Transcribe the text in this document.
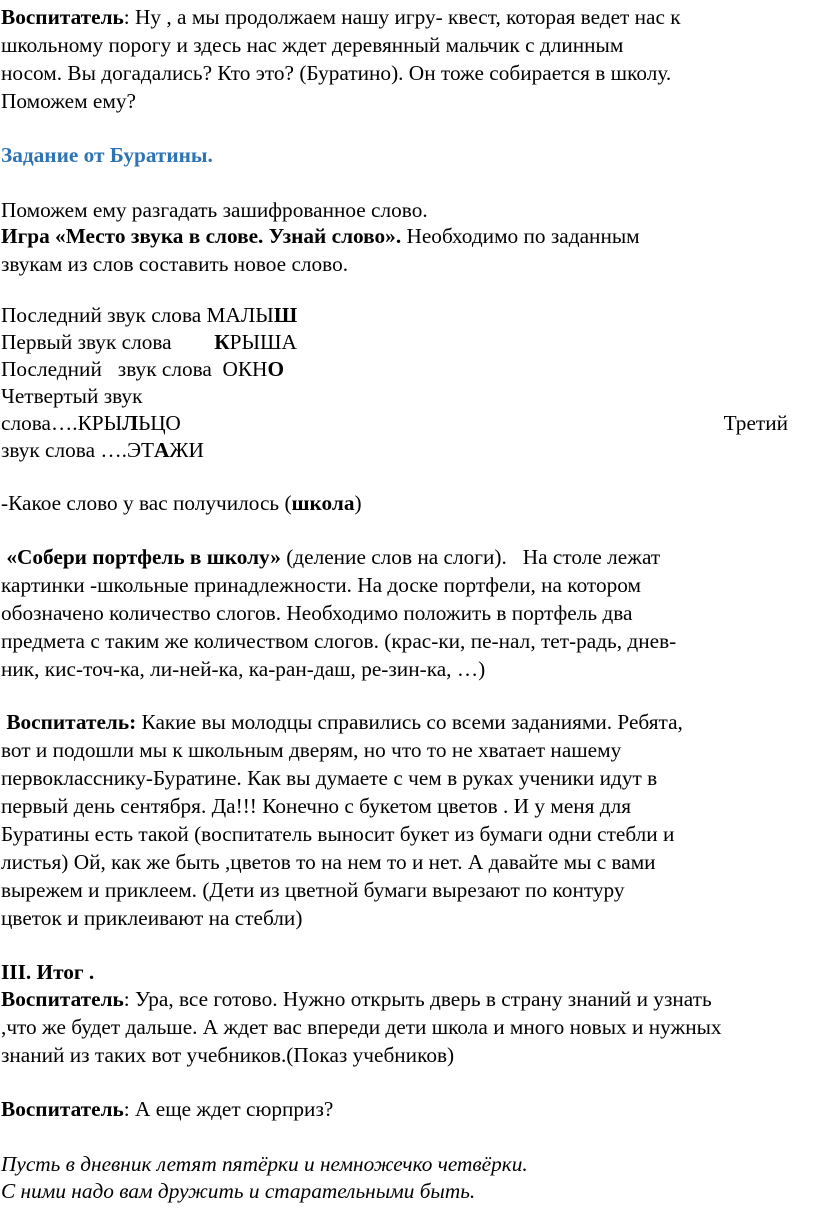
Воспитатель: Ну , а мы продолжаем нашу игру- квест, которая ведет нас к
школьному порогу и здесь нас ждет деревянный мальчик с длинным
носом. Вы догадались? Кто это? (Буратино). Он тоже собирается в школу.
Поможем ему?
Задание от Буратины.
Поможем ему разгадать зашифрованное слово.
Игра «Место звука в слове. Узнай слово». Необходимо по заданным
звукам из слов составить новое слово.
Последний звук слова МАЛЫШ
Первый звук слова        КРЫША
Последний   звук слова  ОКНО
Четвертый звук
слова….КРЫЛЬЦО	Третий
звук слова ….ЭТАЖИ
-Какое слово у вас получилось (школа)
«Собери портфель в школу» (деление слов на слоги).   На столе лежат
картинки -школьные принадлежности. На доске портфели, на котором
обозначено количество слогов. Необходимо положить в портфель два
предмета с таким же количеством слогов. (крас-ки, пе-нал, тет-радь, днев-
ник, кис-точ-ка, ли-ней-ка, ка-ран-даш, ре-зин-ка, …)
Воспитатель: Какие вы молодцы справились со всеми заданиями. Ребята,
вот и подошли мы к школьным дверям, но что то не хватает нашему
первокласснику-Буратине. Как вы думаете с чем в руках ученики идут в
первый день сентября. Да!!! Конечно с букетом цветов . И у меня для
Буратины есть такой (воспитатель выносит букет из бумаги одни стебли и
листья) Ой, как же быть ,цветов то на нем то и нет. А давайте мы с вами
вырежем и приклеем. (Дети из цветной бумаги вырезают по контуру
цветок и приклеивают на стебли)
III. Итог .
Воспитатель: Ура, все готово. Нужно открыть дверь в страну знаний и узнать
,что же будет дальше. А ждет вас впереди дети школа и много новых и нужных
знаний из таких вот учебников.(Показ учебников)
Воспитатель: А еще ждет сюрприз?
Пусть в дневник летят пятёрки и немножечко четвёрки.
С ними надо вам дружить и старательными быть.
